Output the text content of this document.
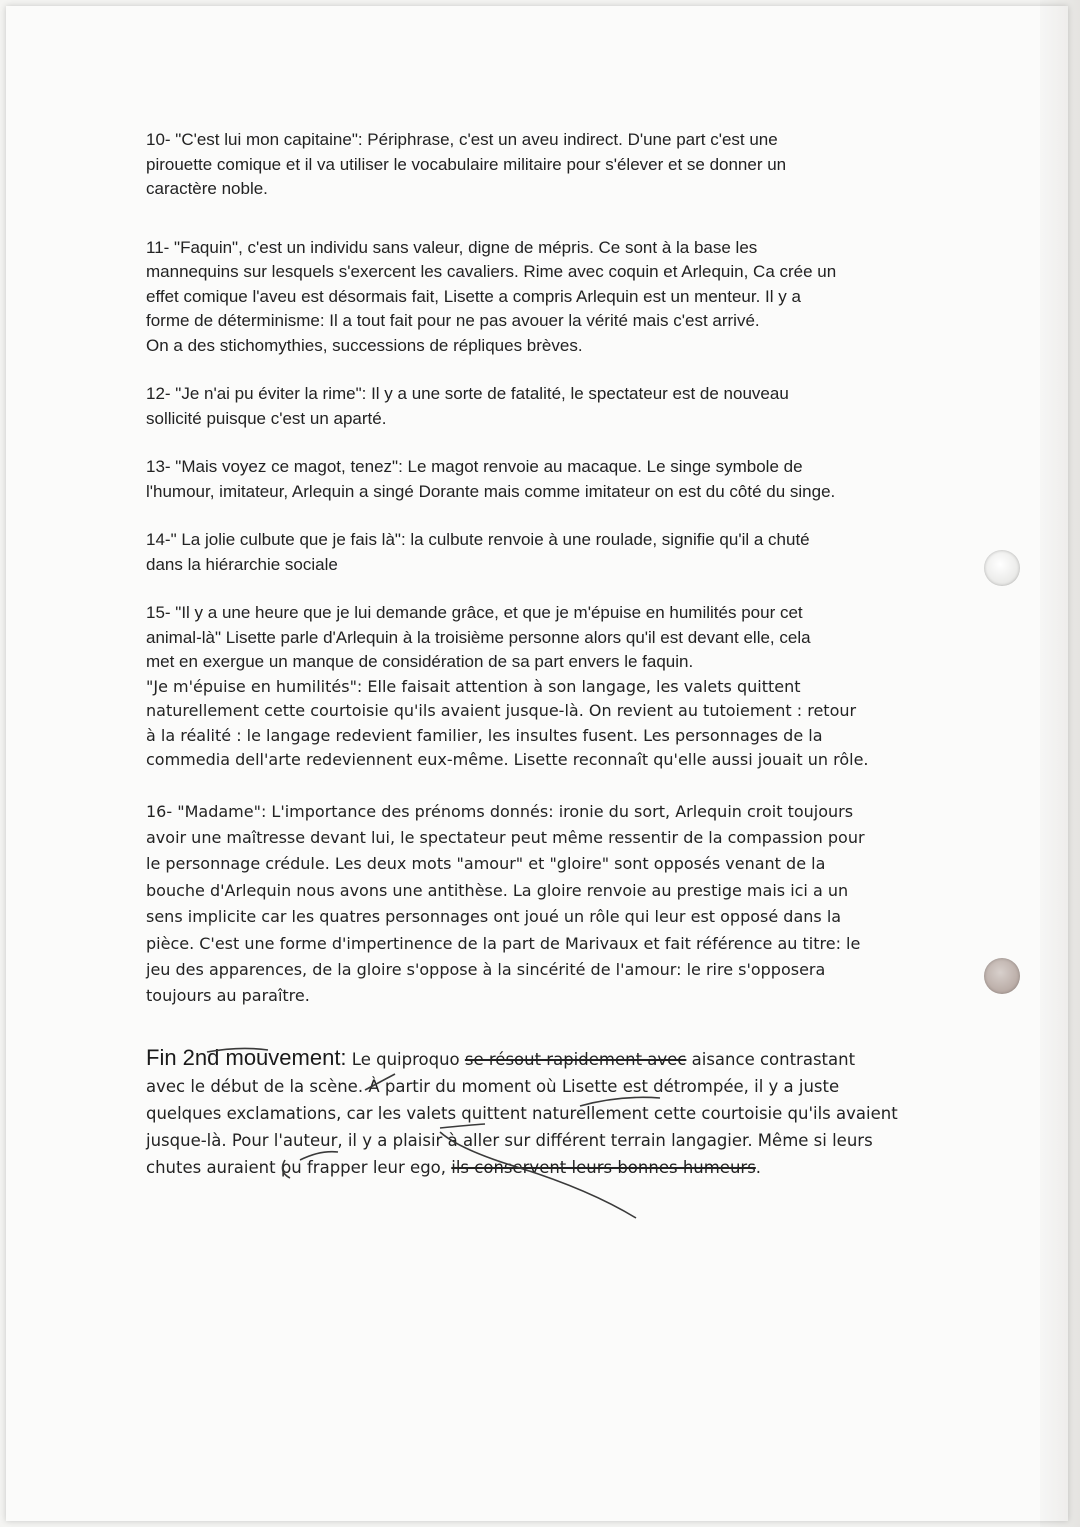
10- "C'est lui mon capitaine": Périphrase, c'est un aveu indirect. D'une part c'est une
pirouette comique et il va utiliser le vocabulaire militaire pour s'élever et se donner un
caractère noble.

11- "Faquin", c'est un individu sans valeur, digne de mépris. Ce sont à la base les
mannequins sur lesquels s'exercent les cavaliers. Rime avec coquin et Arlequin, Ca crée un
effet comique l'aveu est désormais fait, Lisette a compris Arlequin est un menteur. Il y a
forme de déterminisme: Il a tout fait pour ne pas avouer la vérité mais c'est arrivé.
On a des stichomythies, successions de répliques brèves.

12- "Je n'ai pu éviter la rime": Il y a une sorte de fatalité, le spectateur est de nouveau
sollicité puisque c'est un aparté.

13- "Mais voyez ce magot, tenez": Le magot renvoie au macaque. Le singe symbole de
l'humour, imitateur, Arlequin a singé Dorante mais comme imitateur on est du côté du singe.

14-" La jolie culbute que je fais là": la culbute renvoie à une roulade, signifie qu'il a chuté
dans la hiérarchie sociale

15- "Il y a une heure que je lui demande grâce, et que je m'épuise en humilités pour cet
animal-là" Lisette parle d'Arlequin à la troisième personne alors qu'il est devant elle, cela
met en exergue un manque de considération de sa part envers le faquin.
"Je m'épuise en humilités": Elle faisait attention à son langage, les valets quittent
naturellement cette courtoisie qu'ils avaient jusque-là. On revient au tutoiement : retour
à la réalité : le langage redevient familier, les insultes fusent. Les personnages de la
commedia dell'arte redeviennent eux-même. Lisette reconnaît qu'elle aussi jouait un rôle.

16- "Madame": L'importance des prénoms donnés: ironie du sort, Arlequin croit toujours
avoir une maîtresse devant lui, le spectateur peut même ressentir de la compassion pour
le personnage crédule. Les deux mots "amour" et "gloire" sont opposés venant de la
bouche d'Arlequin nous avons une antithèse. La gloire renvoie au prestige mais ici a un
sens implicite car les quatres personnages ont joué un rôle qui leur est opposé dans la
pièce. C'est une forme d'impertinence de la part de Marivaux et fait référence au titre: le
jeu des apparences, de la gloire s'oppose à la sincérité de l'amour: le rire s'opposera
toujours au paraître.

Fin 2nd mouvement: Le quiproquo se résout rapidement avec aisance contrastant
avec le début de la scène. À partir du moment où Lisette est détrompée, il y a juste
quelques exclamations, car les valets quittent naturellement cette courtoisie qu'ils avaient
jusque-là. Pour l'auteur, il y a plaisir à aller sur différent terrain langagier. Même si leurs
chutes auraient pu frapper leur ego, ils conservent leurs bonnes humeurs.
